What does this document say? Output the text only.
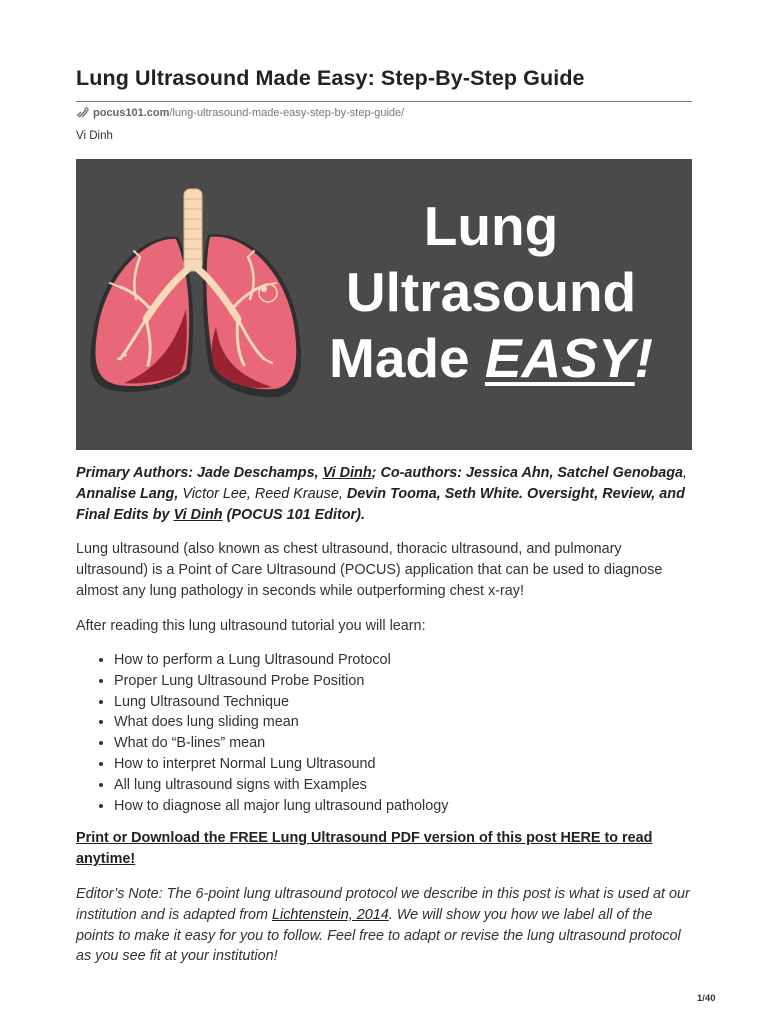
Lung Ultrasound Made Easy: Step-By-Step Guide
pocus101.com/lung-ultrasound-made-easy-step-by-step-guide/
Vi Dinh
Lung
Ultrasound
Made EASY!

Primary Authors: Jade Deschamps, Vi Dinh; Co-authors: Jessica Ahn, Satchel Genobaga, Annalise Lang, Victor Lee, Reed Krause, Devin Tooma, Seth White. Oversight, Review, and Final Edits by Vi Dinh (POCUS 101 Editor).

Lung ultrasound (also known as chest ultrasound, thoracic ultrasound, and pulmonary ultrasound) is a Point of Care Ultrasound (POCUS) application that can be used to diagnose almost any lung pathology in seconds while outperforming chest x-ray!

After reading this lung ultrasound tutorial you will learn:

• How to perform a Lung Ultrasound Protocol
• Proper Lung Ultrasound Probe Position
• Lung Ultrasound Technique
• What does lung sliding mean
• What do “B-lines” mean
• How to interpret Normal Lung Ultrasound
• All lung ultrasound signs with Examples
• How to diagnose all major lung ultrasound pathology

Print or Download the FREE Lung Ultrasound PDF version of this post HERE to read anytime!

Editor’s Note: The 6-point lung ultrasound protocol we describe in this post is what is used at our institution and is adapted from Lichtenstein, 2014. We will show you how we label all of the points to make it easy for you to follow. Feel free to adapt or revise the lung ultrasound protocol as you see fit at your institution!

1/40
